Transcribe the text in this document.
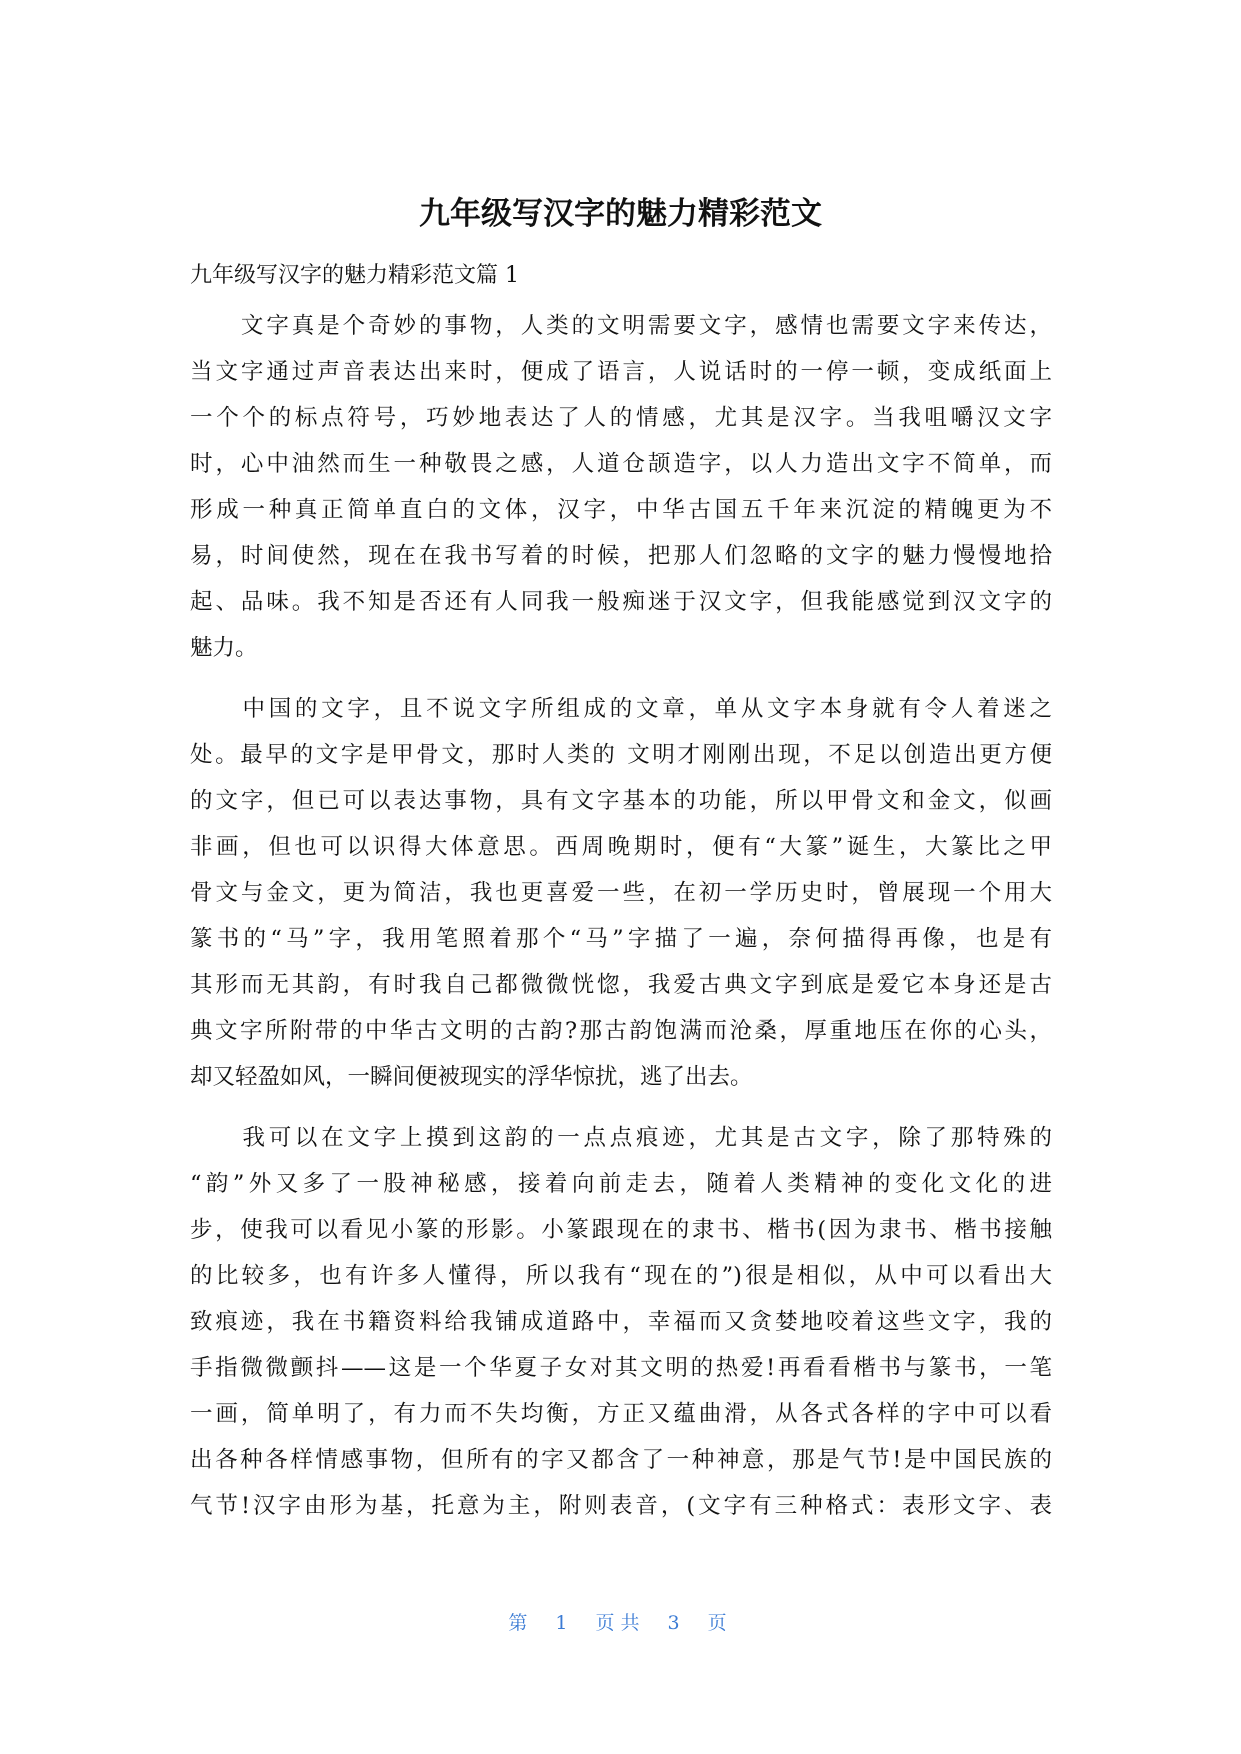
九年级写汉字的魅力精彩范文
九年级写汉字的魅力精彩范文篇 1
　　文字真是个奇妙的事物，人类的文明需要文字，感情也需要文字来传达，
当文字通过声音表达出来时，便成了语言，人说话时的一停一顿，变成纸面上
一个个的标点符号，巧妙地表达了人的情感，尤其是汉字。当我咀嚼汉文字
时，心中油然而生一种敬畏之感，人道仓颉造字，以人力造出文字不简单，而
形成一种真正简单直白的文体，汉字，中华古国五千年来沉淀的精魄更为不
易，时间使然，现在在我书写着的时候，把那人们忽略的文字的魅力慢慢地拾
起、品味。我不知是否还有人同我一般痴迷于汉文字，但我能感觉到汉文字的
魅力。
　　中国的文字，且不说文字所组成的文章，单从文字本身就有令人着迷之
处。最早的文字是甲骨文，那时人类的 文明才刚刚出现，不足以创造出更方便
的文字，但已可以表达事物，具有文字基本的功能，所以甲骨文和金文，似画
非画，但也可以识得大体意思。西周晚期时，便有“大篆”诞生，大篆比之甲
骨文与金文，更为简洁，我也更喜爱一些，在初一学历史时，曾展现一个用大
篆书的“马”字，我用笔照着那个“马”字描了一遍，奈何描得再像，也是有
其形而无其韵，有时我自己都微微恍惚，我爱古典文字到底是爱它本身还是古
典文字所附带的中华古文明的古韵?那古韵饱满而沧桑，厚重地压在你的心头，
却又轻盈如风，一瞬间便被现实的浮华惊扰，逃了出去。
　　我可以在文字上摸到这韵的一点点痕迹，尤其是古文字，除了那特殊的
“韵”外又多了一股神秘感，接着向前走去，随着人类精神的变化文化的进
步，使我可以看见小篆的形影。小篆跟现在的隶书、楷书(因为隶书、楷书接触
的比较多，也有许多人懂得，所以我有“现在的”)很是相似，从中可以看出大
致痕迹，我在书籍资料给我铺成道路中，幸福而又贪婪地咬着这些文字，我的
手指微微颤抖——这是一个华夏子女对其文明的热爱!再看看楷书与篆书，一笔
一画，简单明了，有力而不失均衡，方正又蕴曲滑，从各式各样的字中可以看
出各种各样情感事物，但所有的字又都含了一种神意，那是气节!是中国民族的
气节!汉字由形为基，托意为主，附则表音，(文字有三种格式：表形文字、表
第 1 页共 3 页
